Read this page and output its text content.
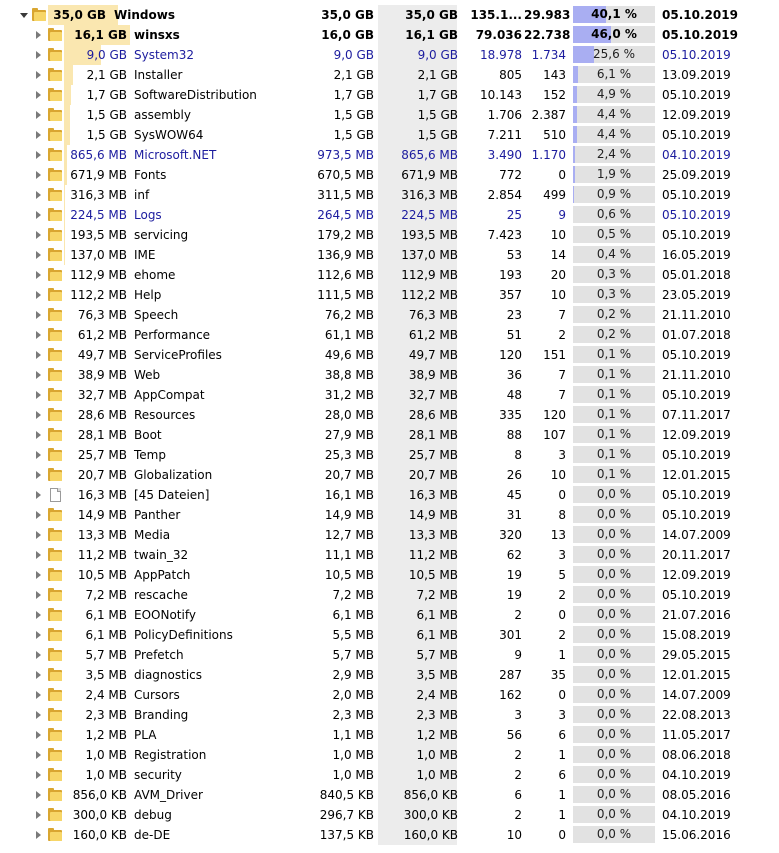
35,0 GB Windows	35,0 GB	35,0 GB	135.1... 29.983	40,1 %	05.10.2019
16,1 GB winsxs	16,0 GB	16,1 GB	79.036 22.738	46,0 %	05.10.2019
9,0 GB System32	9,0 GB	9,0 GB	18.978 1.734	25,6 %	05.10.2019
2,1 GB Installer	2,1 GB	2,1 GB	805	143	6,1 %	13.09.2019
1,7 GB SoftwareDistribution	1,7 GB	1,7 GB	10.143	152	4,9 %	05.10.2019
1,5 GB assembly	1,5 GB	1,5 GB	1.706 2.387	4,4 %	12.09.2019
1,5 GB SysWOW64	1,5 GB	1,5 GB	7.211	510	4,4 %	05.10.2019
865,6 MB Microsoft.NET	973,5 MB	865,6 MB	3.490 1.170	2,4 %	04.10.2019
671,9 MB Fonts	670,5 MB	671,9 MB	772	0	1,9 %	25.09.2019
316,3 MB inf	311,5 MB	316,3 MB	2.854	499	0,9 %	05.10.2019
224,5 MB Logs	264,5 MB	224,5 MB	25	9	0,6 %	05.10.2019
193,5 MB servicing	179,2 MB	193,5 MB	7.423	10	0,5 %	05.10.2019
137,0 MB IME	136,9 MB	137,0 MB	53	14	0,4 %	16.05.2019
112,9 MB ehome	112,6 MB	112,9 MB	193	20	0,3 %	05.01.2018
112,2 MB Help	111,5 MB	112,2 MB	357	10	0,3 %	23.05.2019
76,3 MB Speech	76,2 MB	76,3 MB	23	7	0,2 %	21.11.2010
61,2 MB Performance	61,1 MB	61,2 MB	51	2	0,2 %	01.07.2018
49,7 MB ServiceProfiles	49,6 MB	49,7 MB	120	151	0,1 %	05.10.2019
38,9 MB Web	38,8 MB	38,9 MB	36	7	0,1 %	21.11.2010
32,7 MB AppCompat	31,2 MB	32,7 MB	48	7	0,1 %	05.10.2019
28,6 MB Resources	28,0 MB	28,6 MB	335	120	0,1 %	07.11.2017
28,1 MB Boot	27,9 MB	28,1 MB	88	107	0,1 %	12.09.2019
25,7 MB Temp	25,3 MB	25,7 MB	8	3	0,1 %	05.10.2019
20,7 MB Globalization	20,7 MB	20,7 MB	26	10	0,1 %	12.01.2015
16,3 MB [45 Dateien]	16,1 MB	16,3 MB	45	0	0,0 %	05.10.2019
14,9 MB Panther	14,9 MB	14,9 MB	31	8	0,0 %	05.10.2019
13,3 MB Media	12,7 MB	13,3 MB	320	13	0,0 %	14.07.2009
11,2 MB twain_32	11,1 MB	11,2 MB	62	3	0,0 %	20.11.2017
10,5 MB AppPatch	10,5 MB	10,5 MB	19	5	0,0 %	12.09.2019
7,2 MB rescache	7,2 MB	7,2 MB	19	2	0,0 %	05.10.2019
6,1 MB EOONotify	6,1 MB	6,1 MB	2	0	0,0 %	21.07.2016
6,1 MB PolicyDefinitions	5,5 MB	6,1 MB	301	2	0,0 %	15.08.2019
5,7 MB Prefetch	5,7 MB	5,7 MB	9	1	0,0 %	29.05.2015
3,5 MB diagnostics	2,9 MB	3,5 MB	287	35	0,0 %	12.01.2015
2,4 MB Cursors	2,0 MB	2,4 MB	162	0	0,0 %	14.07.2009
2,3 MB Branding	2,3 MB	2,3 MB	3	3	0,0 %	22.08.2013
1,2 MB PLA	1,1 MB	1,2 MB	56	6	0,0 %	11.05.2017
1,0 MB Registration	1,0 MB	1,0 MB	2	1	0,0 %	08.06.2018
1,0 MB security	1,0 MB	1,0 MB	2	6	0,0 %	04.10.2019
856,0 KB AVM_Driver	840,5 KB	856,0 KB	6	1	0,0 %	08.05.2016
300,0 KB debug	296,7 KB	300,0 KB	2	1	0,0 %	04.10.2019
160,0 KB de-DE	137,5 KB	160,0 KB	10	0	0,0 %	15.06.2016
